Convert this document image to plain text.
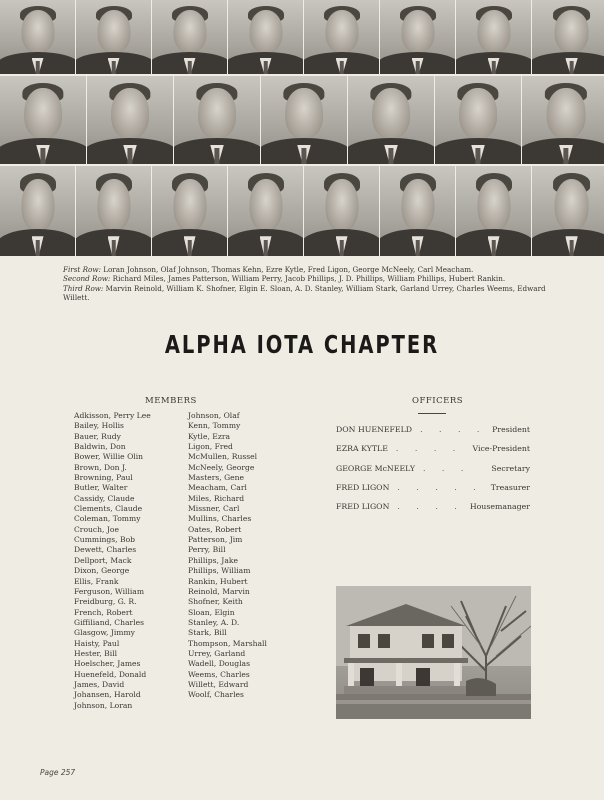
First Row: Loran Johnson, Olaf Johnson, Thomas Kehn, Ezre Kytle, Fred Ligon, George McNeely, Carl Meacham.
Second Row: Richard Miles, James Patterson, William Perry, Jacob Phillips, J. D. Phillips, William Phillips, Hubert Rankin.
Third Row: Marvin Reinold, William K. Shofner, Elgin E. Sloan, A. D. Stanley, William Stark, Garland Urrey, Charles Weems, Edward Willett.
ALPHA IOTA CHAPTER
MEMBERS
Adkisson, Perry Lee
Bailey, Hollis
Bauer, Rudy
Baldwin, Don
Bower, Willie Olin
Brown, Don J.
Browning, Paul
Butler, Walter
Cassidy, Claude
Clements, Claude
Coleman, Tommy
Crouch, Joe
Cummings, Bob
Dewett, Charles
Dellport, Mack
Dixon, George
Ellis, Frank
Ferguson, William
Freidburg, G. R.
French, Robert
Giffiliand, Charles
Glasgow, Jimmy
Haisty, Paul
Hester, Bill
Hoelscher, James
Huenefeld, Donald
James, David
Johansen, Harold
Johnson, Loran
Johnson, Olaf
Kenn, Tommy
Kytle, Ezra
Ligon, Fred
McMullen, Russel
McNeely, George
Masters, Gene
Meacham, Carl
Miles, Richard
Missner, Carl
Mullins, Charles
Oates, Robert
Patterson, Jim
Perry, Bill
Phillips, Jake
Phillips, William
Rankin, Hubert
Reinold, Marvin
Shofner, Keith
Sloan, Elgin
Stanley, A. D.
Stark, Bill
Thompson, Marshall
Urrey, Garland
Wadell, Douglas
Weems, Charles
Willett, Edward
Woolf, Charles
OFFICERS
DON HUENEFELD	. . . . President
EZRA KYTLE	. . . .	Vice-President
GEORGE McNEELY	. . .	Secretary
FRED LIGON	. . . . .	Treasurer
FRED LIGON	. . . . Housemanager
Page 257
